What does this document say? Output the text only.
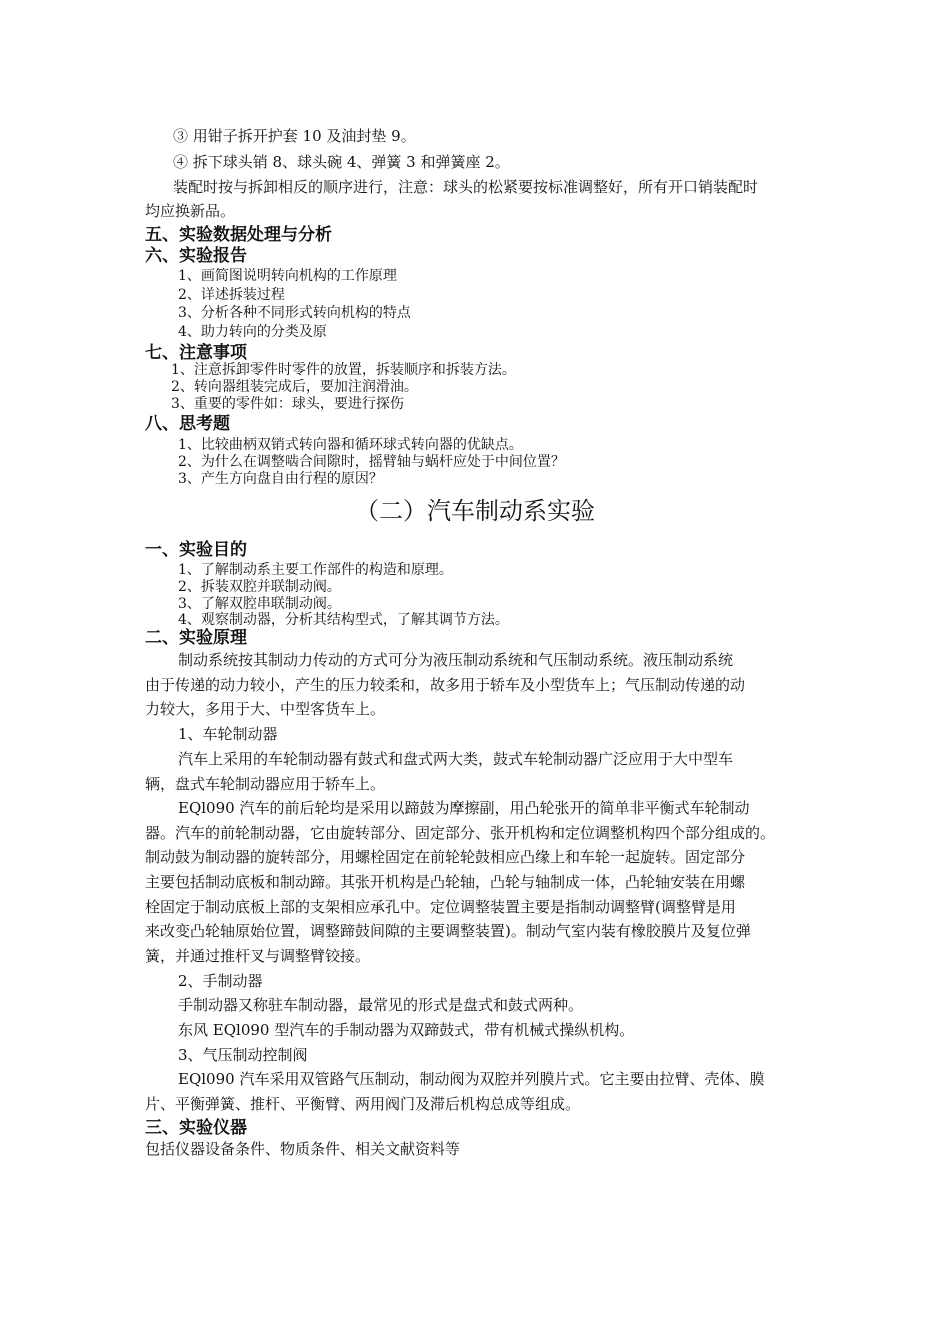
③ 用钳子拆开护套 10 及油封垫 9。
④ 拆下球头销 8、球头碗 4、弹簧 3 和弹簧座 2。
装配时按与拆卸相反的顺序进行，注意：球头的松紧要按标准调整好，所有开口销装配时
均应换新品。
五、实验数据处理与分析
六、实验报告
1、画简图说明转向机构的工作原理
2、详述拆装过程
3、分析各种不同形式转向机构的特点
4、助力转向的分类及原
七、注意事项
1、注意拆卸零件时零件的放置，拆装顺序和拆装方法。
2、转向器组装完成后，要加注润滑油。
3、重要的零件如：球头，要进行探伤
八、思考题
1、比较曲柄双销式转向器和循环球式转向器的优缺点。
2、为什么在调整啮合间隙时，摇臂轴与蜗杆应处于中间位置？
3、产生方向盘自由行程的原因？
（二）汽车制动系实验
一、实验目的
1、了解制动系主要工作部件的构造和原理。
2、拆装双腔并联制动阀。
3、了解双腔串联制动阀。
4、观察制动器，分析其结构型式，了解其调节方法。
二、实验原理
制动系统按其制动力传动的方式可分为液压制动系统和气压制动系统。液压制动系统
由于传递的动力较小，产生的压力较柔和，故多用于轿车及小型货车上；气压制动传递的动
力较大，多用于大、中型客货车上。
1、车轮制动器
汽车上采用的车轮制动器有鼓式和盘式两大类，鼓式车轮制动器广泛应用于大中型车
辆，盘式车轮制动器应用于轿车上。
EQl090 汽车的前后轮均是采用以蹄鼓为摩擦副，用凸轮张开的简单非平衡式车轮制动
器。汽车的前轮制动器，它由旋转部分、固定部分、张开机构和定位调整机构四个部分组成的。
制动鼓为制动器的旋转部分，用螺栓固定在前轮轮鼓相应凸缘上和车轮一起旋转。固定部分
主要包括制动底板和制动蹄。其张开机构是凸轮轴，凸轮与轴制成一体，凸轮轴安装在用螺
栓固定于制动底板上部的支架相应承孔中。定位调整装置主要是指制动调整臂(调整臂是用
来改变凸轮轴原始位置，调整蹄鼓间隙的主要调整装置)。制动气室内装有橡胶膜片及复位弹
簧，并通过推杆叉与调整臂铰接。
2、手制动器
手制动器又称驻车制动器，最常见的形式是盘式和鼓式两种。
东风 EQl090 型汽车的手制动器为双蹄鼓式，带有机械式操纵机构。
3、气压制动控制阀
EQl090 汽车采用双管路气压制动，制动阀为双腔并列膜片式。它主要由拉臂、壳体、膜
片、平衡弹簧、推杆、平衡臂、两用阀门及滞后机构总成等组成。
三、实验仪器
包括仪器设备条件、物质条件、相关文献资料等
